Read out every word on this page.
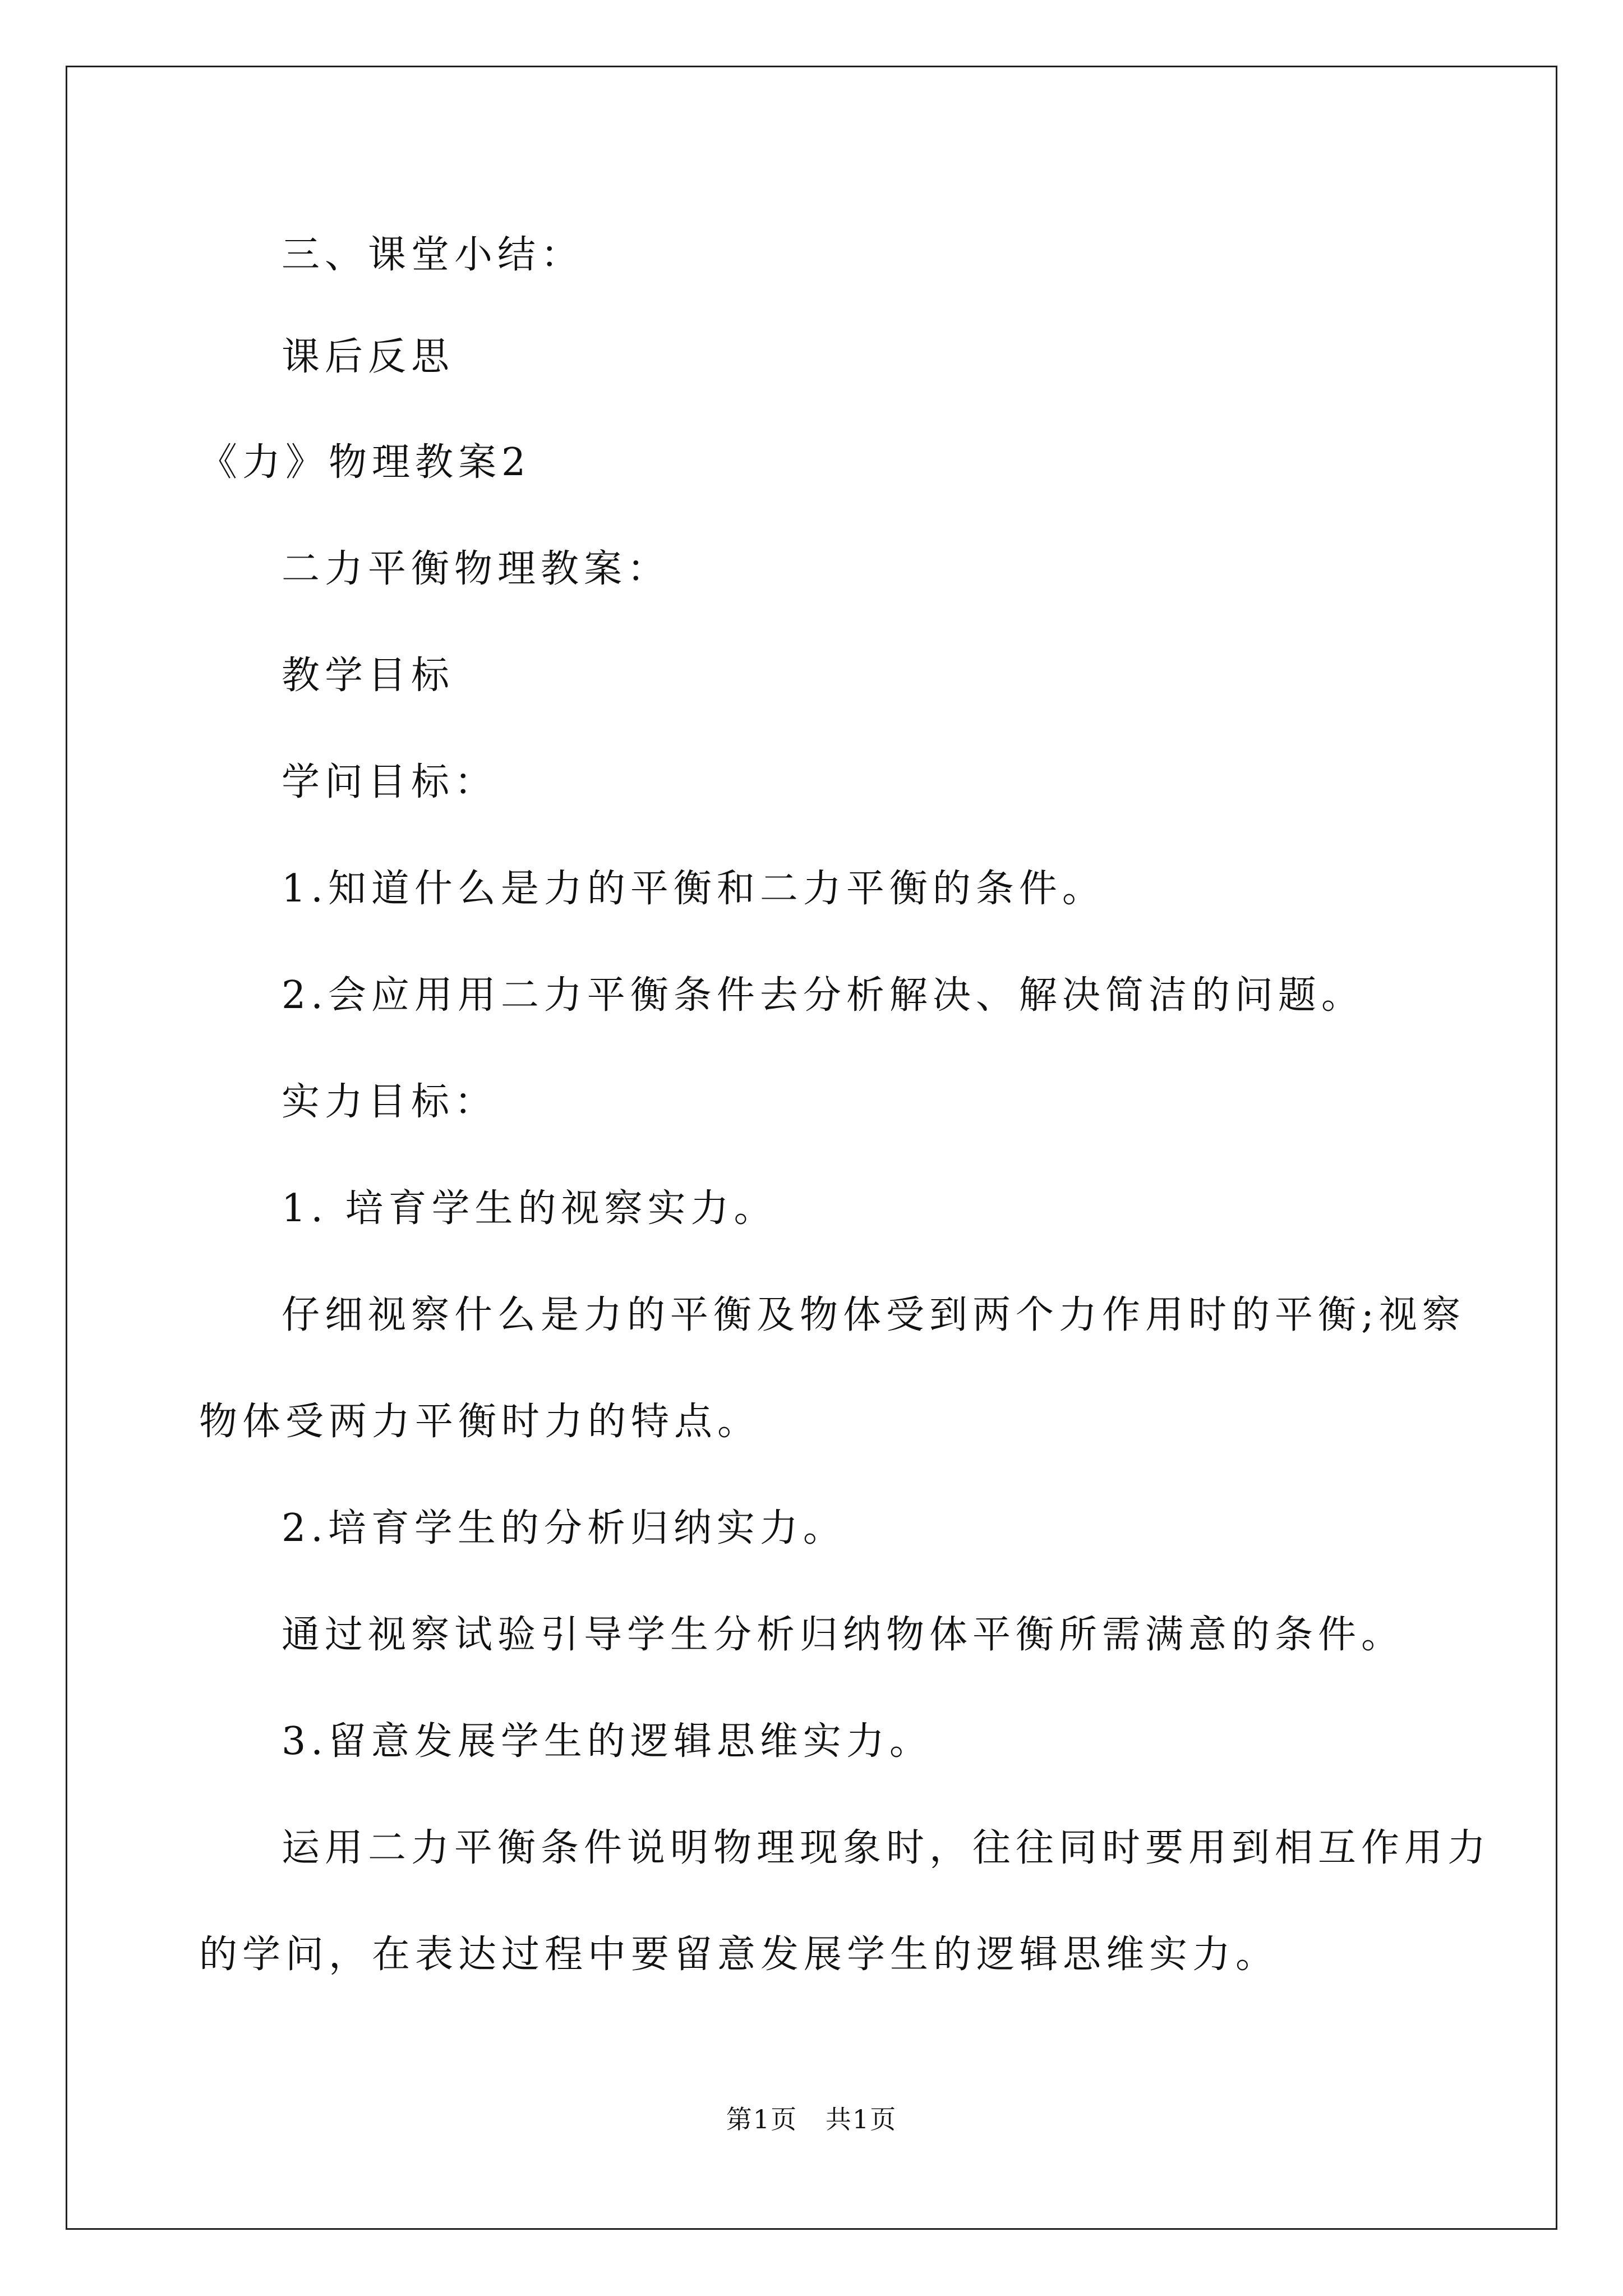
三、课堂小结：
课后反思
《力》物理教案2
二力平衡物理教案：
教学目标
学问目标：
1.知道什么是力的平衡和二力平衡的条件。
2.会应用用二力平衡条件去分析解决、解决简洁的问题。
实力目标：
1. 培育学生的视察实力。
仔细视察什么是力的平衡及物体受到两个力作用时的平衡;视察
物体受两力平衡时力的特点。
2.培育学生的分析归纳实力。
通过视察试验引导学生分析归纳物体平衡所需满意的条件。
3.留意发展学生的逻辑思维实力。
运用二力平衡条件说明物理现象时，往往同时要用到相互作用力
的学问，在表达过程中要留意发展学生的逻辑思维实力。
第1页   共1页
